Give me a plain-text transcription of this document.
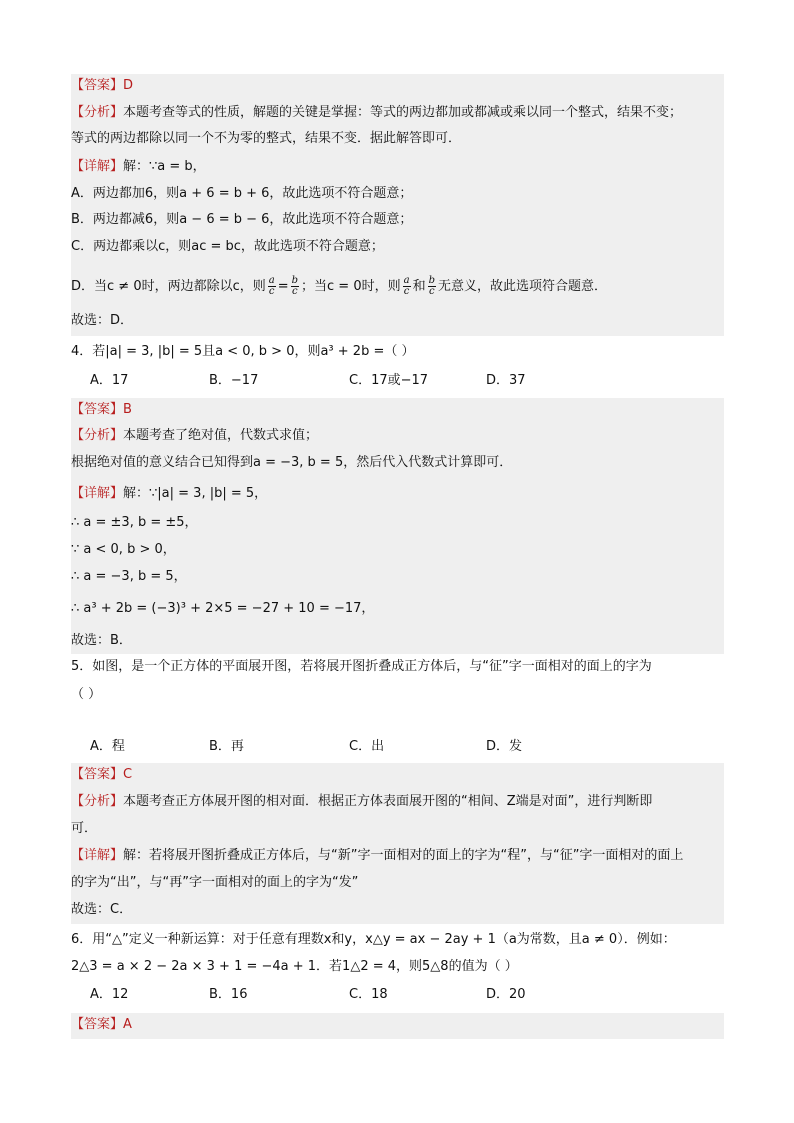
【答案】D
【分析】本题考查等式的性质，解题的关键是掌握：等式的两边都加或都减或乘以同一个整式，结果不变；
等式的两边都除以同一个不为零的整式，结果不变．据此解答即可．
【详解】解：∵a = b，
A．两边都加6，则a + 6 = b + 6，故此选项不符合题意；
B．两边都减6，则a − 6 = b − 6，故此选项不符合题意；
C．两边都乘以c，则ac = bc，故此选项不符合题意；
D．当c ≠ 0时，两边都除以c，则 $\frac{a}{c} = \frac{b}{c}$ ；当c = 0时，则 $\frac{a}{c}$ 和 $\frac{b}{c}$ 无意义，故此选项符合题意．
故选：D．
4．若|a| = 3, |b| = 5且a < 0, b > 0，则a³ + 2b =（ ）
A．17	B．−17	C．17或−17	D．37
【答案】B
【分析】本题考查了绝对值，代数式求值；
根据绝对值的意义结合已知得到a = −3, b = 5，然后代入代数式计算即可．
【详解】解：∵|a| = 3, |b| = 5，
∴ a = ±3, b = ±5，
∵ a < 0, b > 0，
∴ a = −3, b = 5，
∴ a³ + 2b = (−3)³ + 2×5 = −27 + 10 = −17，
故选：B．
5．如图，是一个正方体的平面展开图，若将展开图折叠成正方体后，与“征”字一面相对的面上的字为
（ ）
A．程	B．再	C．出	D．发
【答案】C
【分析】本题考查正方体展开图的相对面．根据正方体表面展开图的“相间、Z端是对面”，进行判断即
可．
【详解】解：若将展开图折叠成正方体后，与“新”字一面相对的面上的字为“程”，与“征”字一面相对的面上
的字为“出”，与“再”字一面相对的面上的字为“发”
故选：C．
6．用“△”定义一种新运算：对于任意有理数x和y，x△y = ax − 2ay + 1（a为常数，且a ≠ 0）．例如：
2△3 = a × 2 − 2a × 3 + 1 = −4a + 1．若1△2 = 4，则5△8的值为（ ）
A．12	B．16	C．18	D．20
【答案】A
